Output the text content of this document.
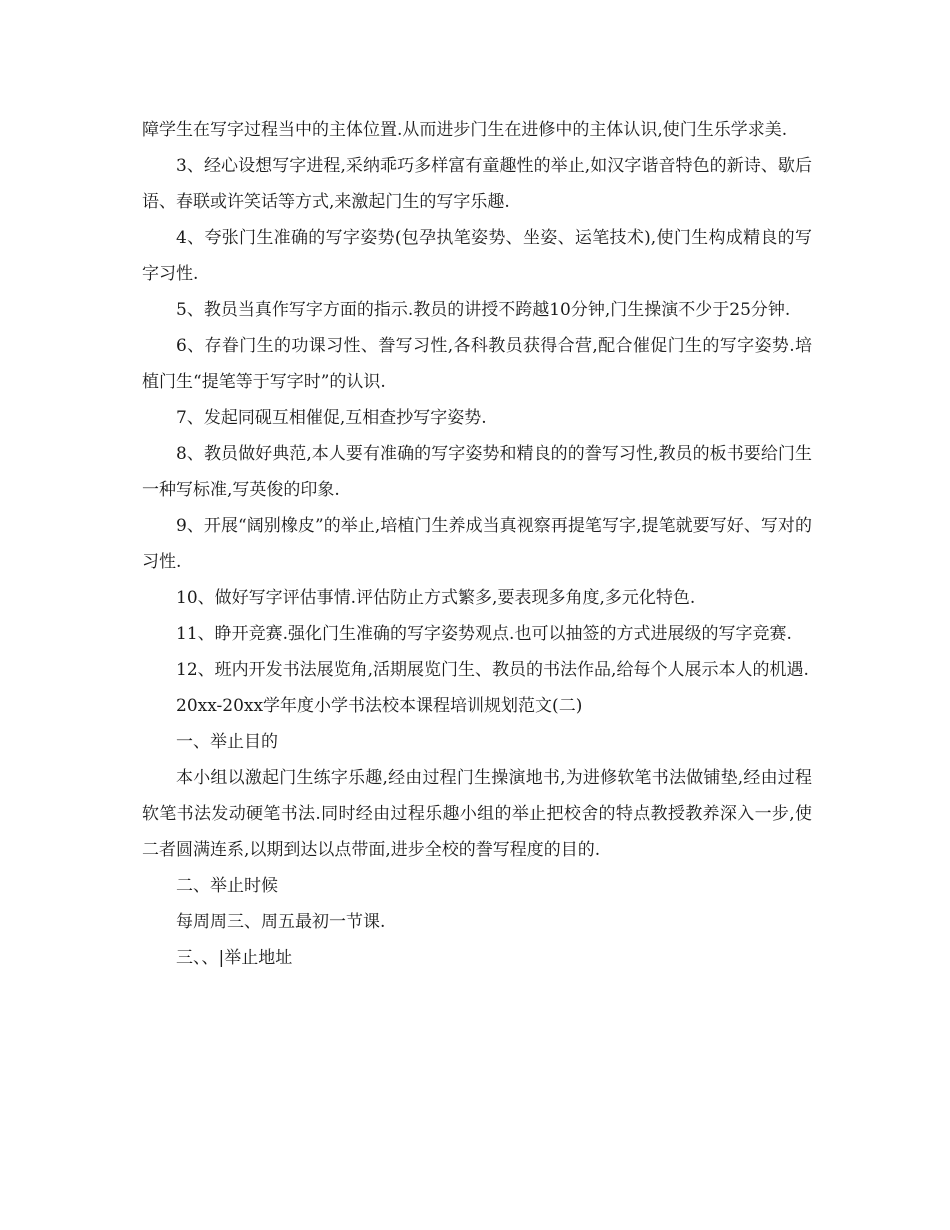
障学生在写字过程当中的主体位置.从而进步门生在进修中的主体认识,使门生乐学求美.

3、经心设想写字进程,采纳乖巧多样富有童趣性的举止,如汉字谐音特色的新诗、歇后语、春联或许笑话等方式,来激起门生的写字乐趣.

4、夸张门生准确的写字姿势(包孕执笔姿势、坐姿、运笔技术),使门生构成精良的写字习性.

5、教员当真作写字方面的指示.教员的讲授不跨越10分钟,门生操演不少于25分钟.

6、存眷门生的功课习性、誊写习性,各科教员获得合营,配合催促门生的写字姿势.培植门生“提笔等于写字时”的认识.

7、发起同砚互相催促,互相查抄写字姿势.

8、教员做好典范,本人要有准确的写字姿势和精良的的誊写习性,教员的板书要给门生一种写标准,写英俊的印象.

9、开展“阔别橡皮”的举止,培植门生养成当真视察再提笔写字,提笔就要写好、写对的习性.

10、做好写字评估事情.评估防止方式繁多,要表现多角度,多元化特色.

11、睁开竞赛.强化门生准确的写字姿势观点.也可以抽签的方式进展级的写字竞赛.

12、班内开发书法展览角,活期展览门生、教员的书法作品,给每个人展示本人的机遇.

20xx-20xx学年度小学书法校本课程培训规划范文(二)

一、举止目的

本小组以激起门生练字乐趣,经由过程门生操演地书,为进修软笔书法做铺垫,经由过程软笔书法发动硬笔书法.同时经由过程乐趣小组的举止把校舍的特点教授教养深入一步,使二者圆满连系,以期到达以点带面,进步全校的誊写程度的目的.

二、举止时候

每周周三、周五最初一节课.

三、、|举止地址
